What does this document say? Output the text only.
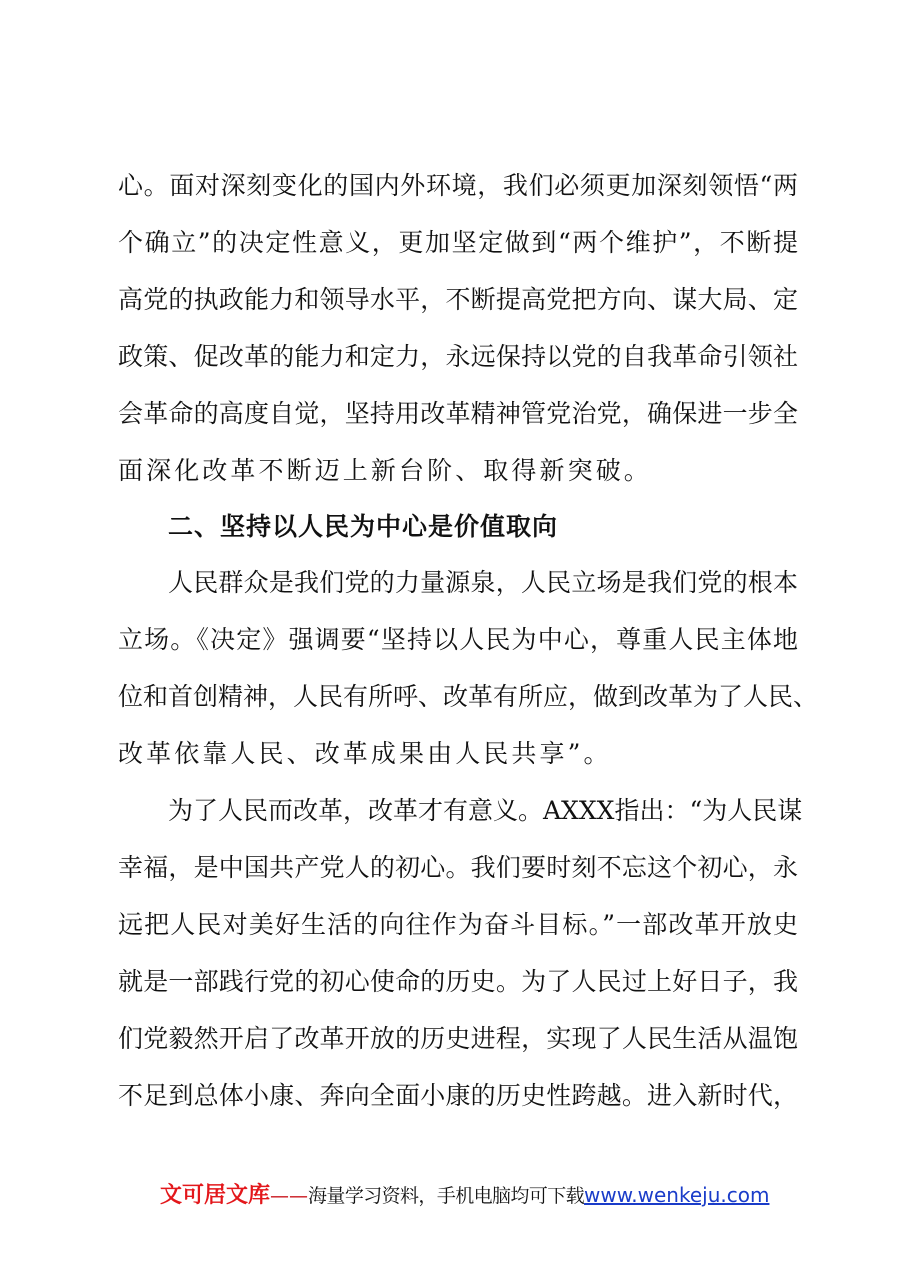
心。面对深刻变化的国内外环境，我们必须更加深刻领悟“两
个确立”的决定性意义，更加坚定做到“两个维护”，不断提
高党的执政能力和领导水平，不断提高党把方向、谋大局、定
政策、促改革的能力和定力，永远保持以党的自我革命引领社
会革命的高度自觉，坚持用改革精神管党治党，确保进一步全
面深化改革不断迈上新台阶、取得新突破。
二、坚持以人民为中心是价值取向
人民群众是我们党的力量源泉，人民立场是我们党的根本
立场。《决定》强调要“坚持以人民为中心，尊重人民主体地
位和首创精神，人民有所呼、改革有所应，做到改革为了人民、
改革依靠人民、改革成果由人民共享”。
为了人民而改革，改革才有意义。AXXX指出：“为人民谋
幸福，是中国共产党人的初心。我们要时刻不忘这个初心，永
远把人民对美好生活的向往作为奋斗目标。”一部改革开放史
就是一部践行党的初心使命的历史。为了人民过上好日子，我
们党毅然开启了改革开放的历史进程，实现了人民生活从温饱
不足到总体小康、奔向全面小康的历史性跨越。进入新时代，
文可居文库——海量学习资料，手机电脑均可下载www.wenkeju.com
